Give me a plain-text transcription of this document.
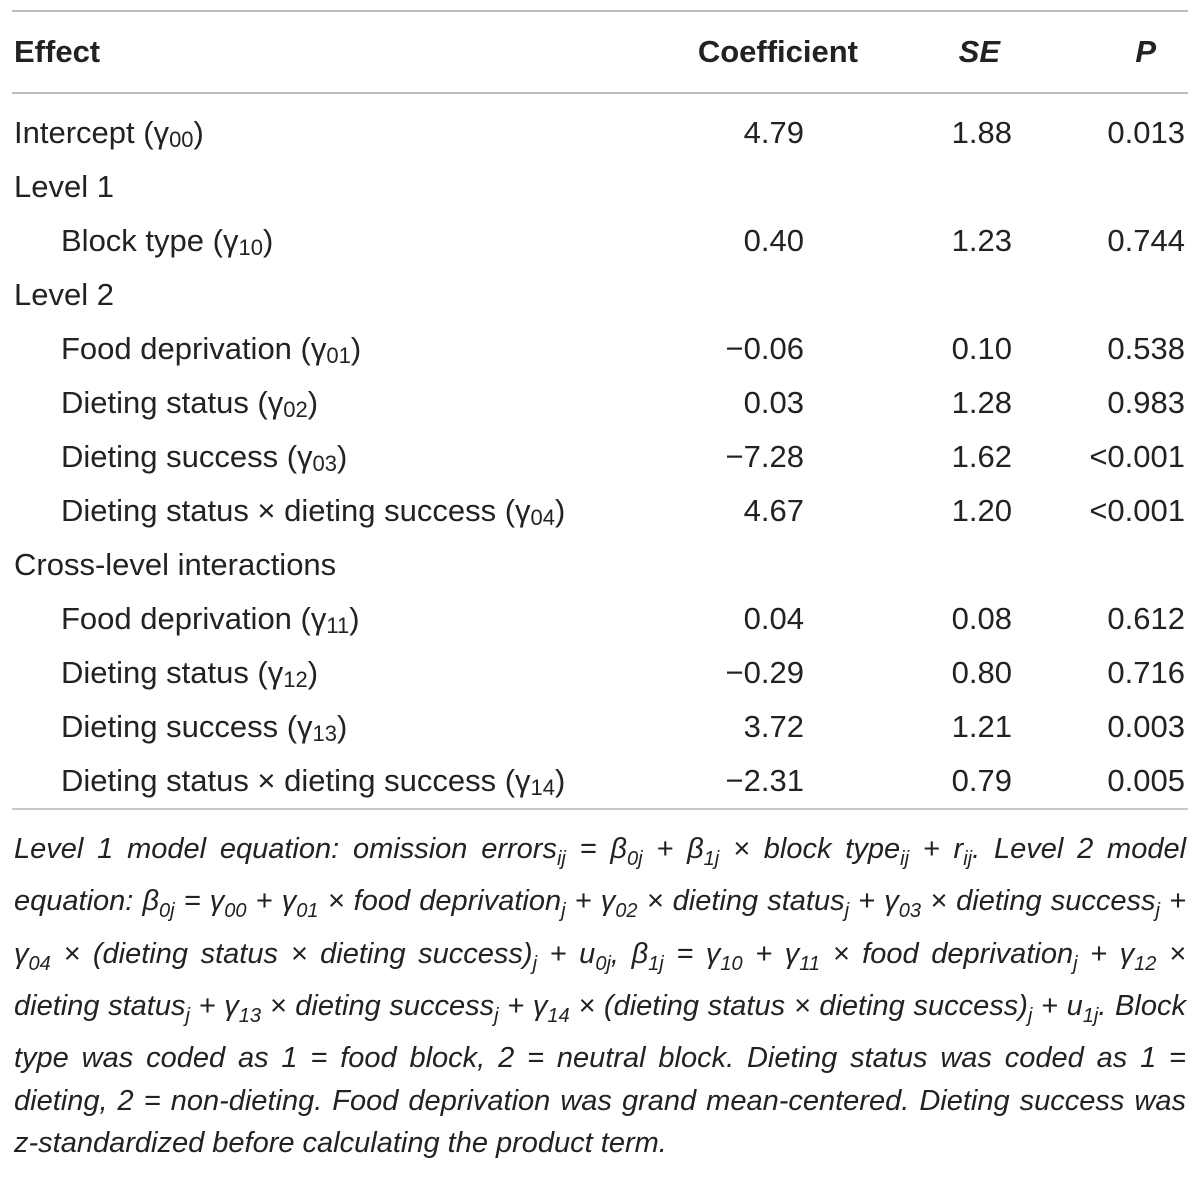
Effect	Coefficient	SE	P
Intercept (γ00)	4.79	1.88	0.013
Level 1
Block type (γ10)	0.40	1.23	0.744
Level 2
Food deprivation (γ01)	−0.06	0.10	0.538
Dieting status (γ02)	0.03	1.28	0.983
Dieting success (γ03)	−7.28	1.62 <0.001
Dieting status × dieting success (γ04)	4.67	1.20 <0.001
Cross-level interactions
Food deprivation (γ11)	0.04	0.08	0.612
Dieting status (γ12)	−0.29	0.80	0.716
Dieting success (γ13)	3.72	1.21	0.003
Dieting status × dieting success (γ14)	−2.31	0.79	0.005
Level 1 model equation: omission errors$_{ij}$ = $\beta_{0j} + \beta_{1j}$ × block type$_{ij}$ + $r_{ij}$. Level 2 model equation: $\beta_{0j} = \gamma_{00} + \gamma_{01}$ × food deprivation$_j$ + $\gamma_{02}$ × dieting status$_j$ + $\gamma_{03}$ × dieting success$_j$ + $\gamma_{04}$ × (dieting status × dieting $success)_j + u_{0j}$, $\beta_{1j} = \gamma_{10} + \gamma_{11}$ × food deprivation$_j$ + $\gamma_{12}$ × dieting status$_j$ + $\gamma_{13}$ × dieting success$_j$ + $\gamma_{14}$ × (dieting status × dieting $success)_j + u_{1j}$. Block type was coded as 1 = food block, 2 = neutral block. Dieting status was coded as 1 = dieting, 2 = non-dieting. Food deprivation was grand mean-centered. Dieting success was z-standardized before calculating the product term.
